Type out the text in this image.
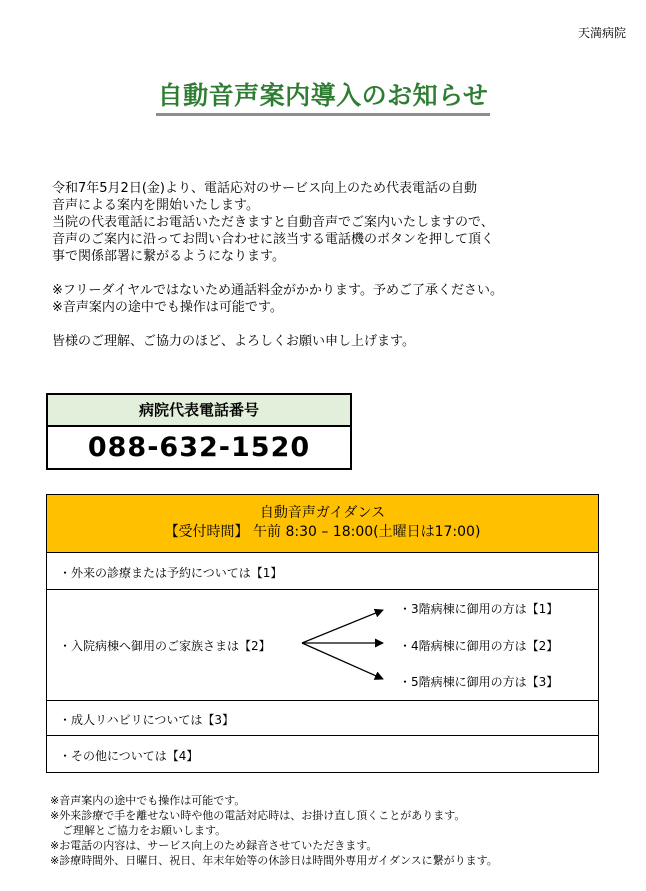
天満病院
自動音声案内導入のお知らせ

令和7年5月2日(金)より、電話応対のサービス向上のため代表電話の自動

音声による案内を開始いたします。

当院の代表電話にお電話いただきますと自動音声でご案内いたしますので、

音声のご案内に沿ってお問い合わせに該当する電話機のボタンを押して頂く

事で関係部署に繋がるようになります。

※フリーダイヤルではないため通話料金がかかります。予めご了承ください。

※音声案内の途中でも操作は可能です。

皆様のご理解、ご協力のほど、よろしくお願い申し上げます。

病院代表電話番号
088-632-1520
自動音声ガイダンス
【受付時間】 午前 8:30 – 18:00(土曜日は17:00)
・外来の診療または予約については【1】
・入院病棟へ御用のご家族さまは【2】
・3階病棟に御用の方は【1】
・4階病棟に御用の方は【2】
・5階病棟に御用の方は【3】
・成人リハビリについては【3】
・その他については【4】

※音声案内の途中でも操作は可能です。

※外来診療で手を離せない時や他の電話対応時は、お掛け直し頂くことがあります。

ご理解とご協力をお願いします。

※お電話の内容は、サービス向上のため録音させていただきます。

※診療時間外、日曜日、祝日、年末年始等の休診日は時間外専用ガイダンスに繋がります。
